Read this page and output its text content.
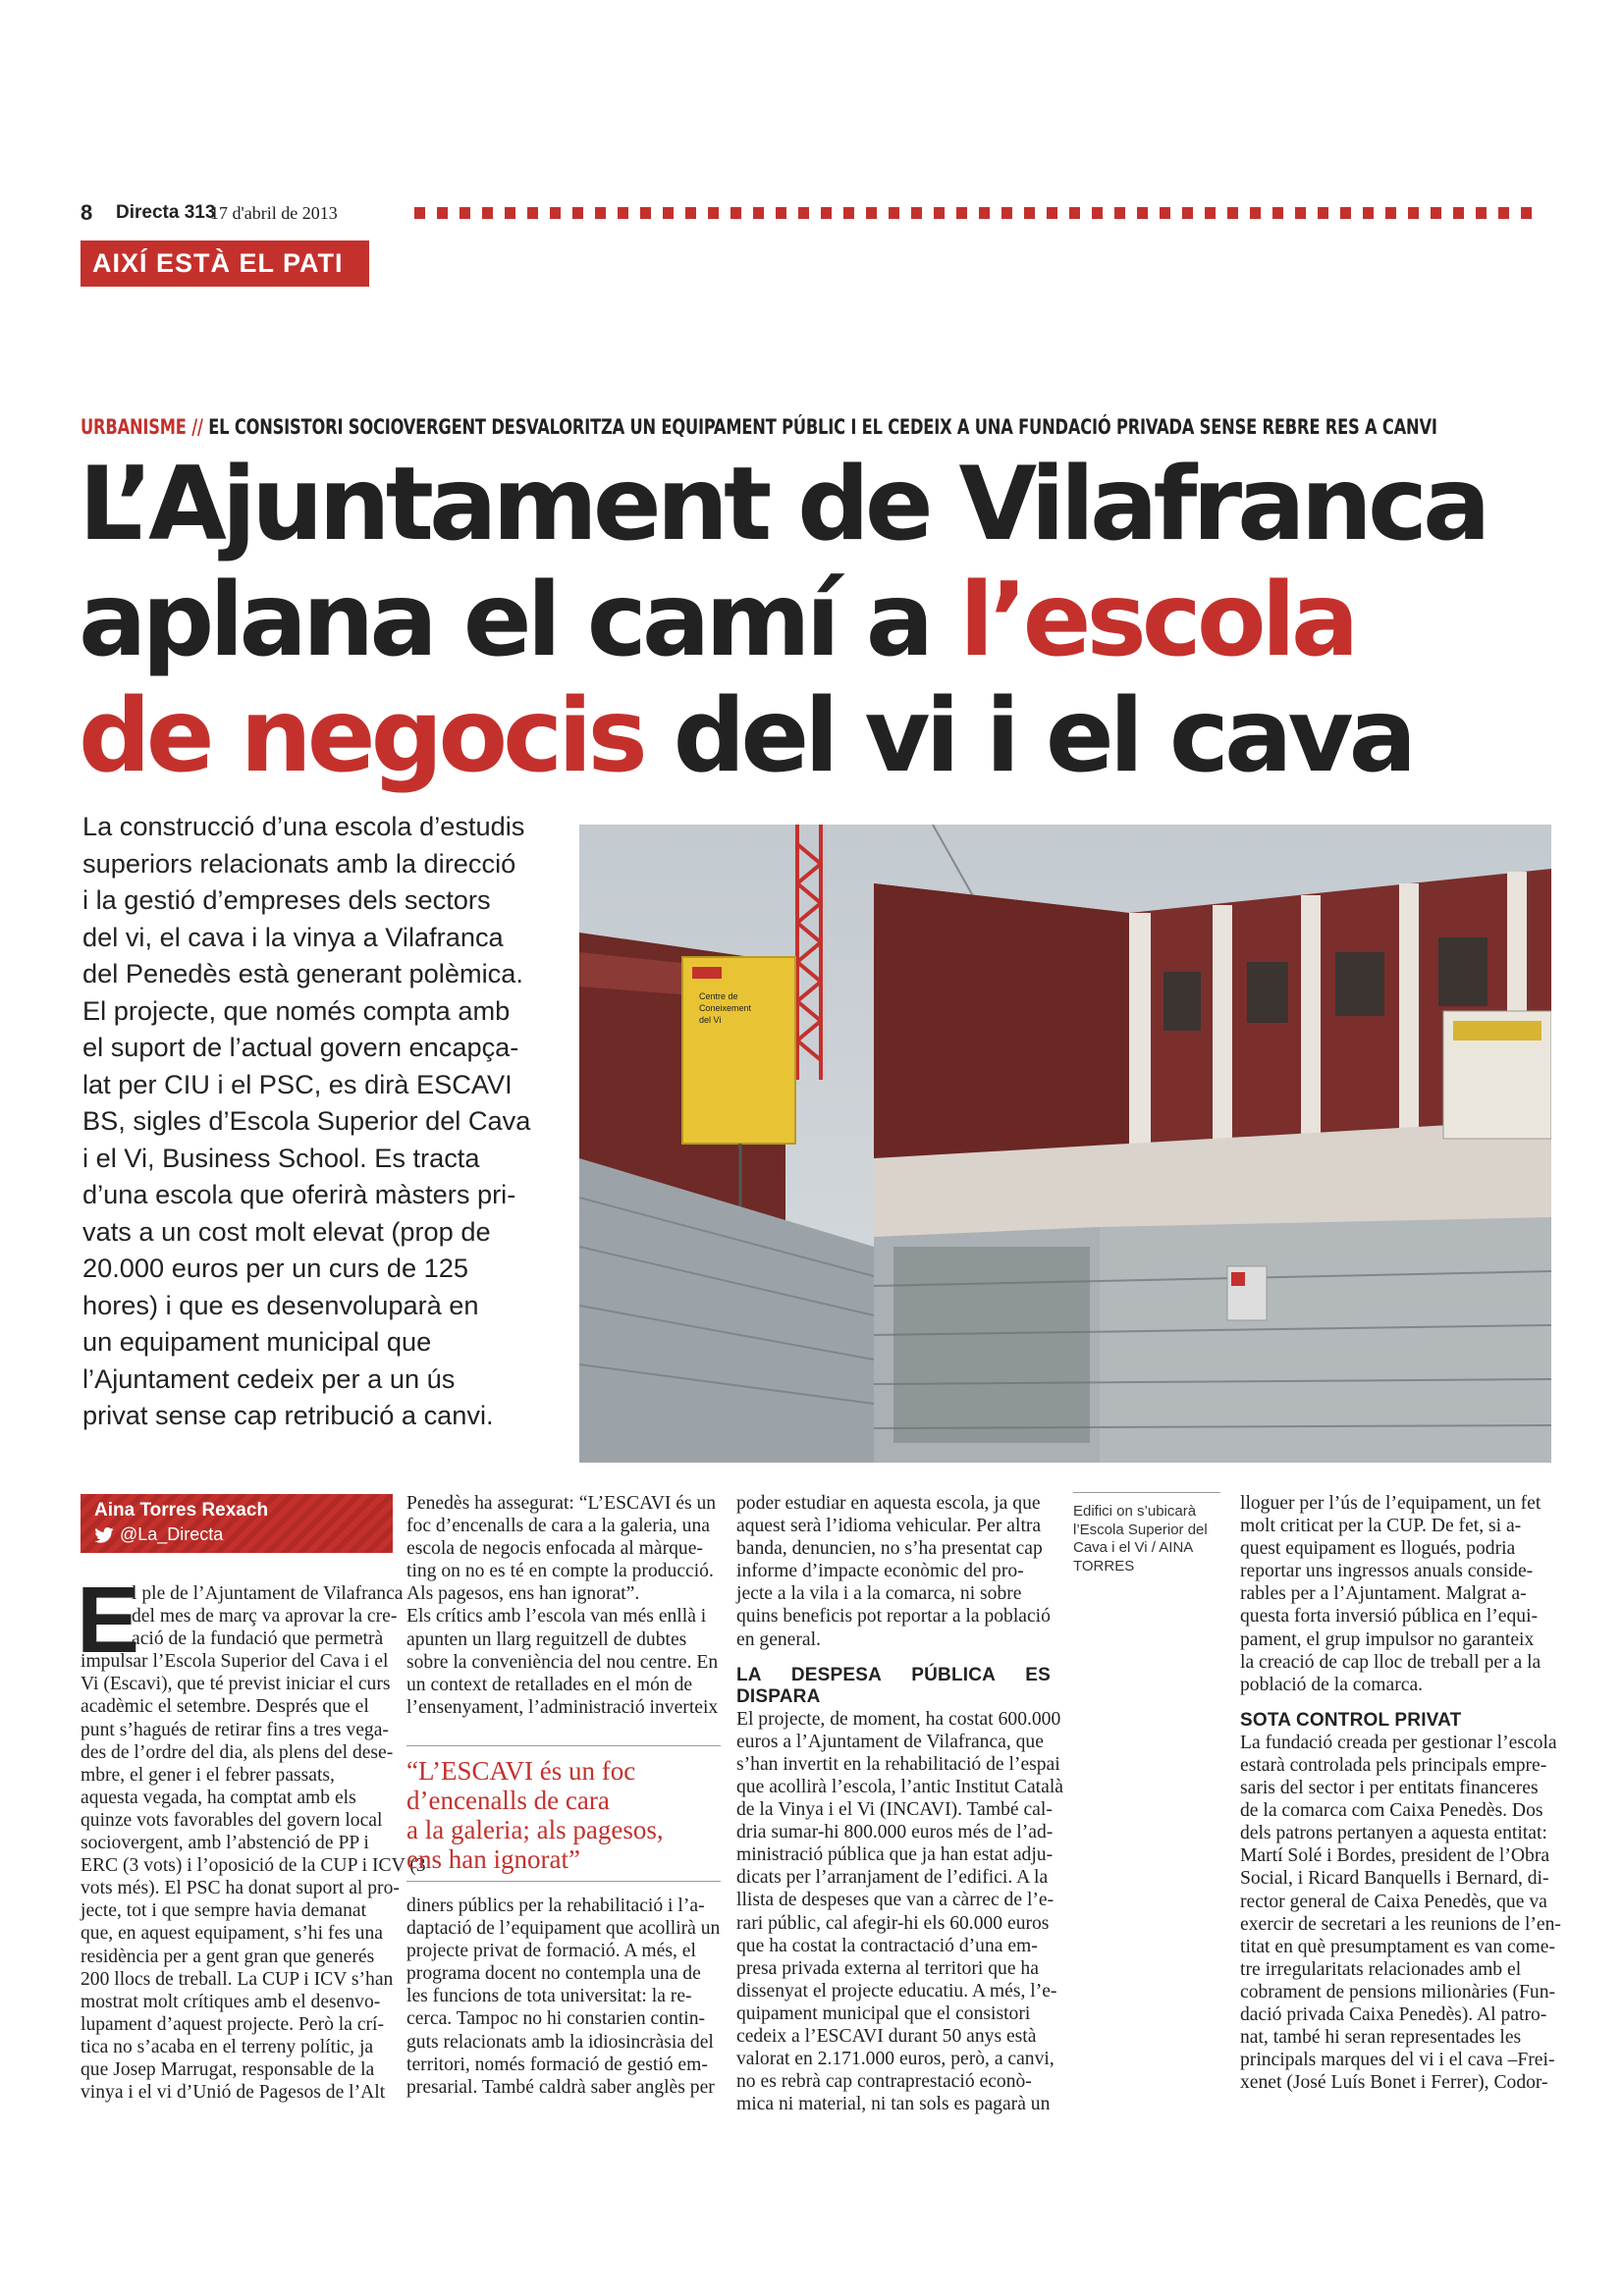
8 Directa 313
17 d'abril de 2013
AIXÍ ESTÀ EL PATI
URBANISME // EL CONSISTORI SOCIOVERGENT DESVALORITZA UN EQUIPAMENT PÚBLIC I EL CEDEIX A UNA FUNDACIÓ PRIVADA SENSE REBRE RES A CANVI
L’Ajuntament de Vilafranca
aplana el camí a l’escola
de negocis del vi i el cava
La construcció d’una escola d’estudis
superiors relacionats amb la direcció
i la gestió d’empreses dels sectors
del vi, el cava i la vinya a Vilafranca
del Penedès està generant polèmica.
El projecte, que només compta amb
el suport de l’actual govern encapça-
lat per CIU i el PSC, es dirà ESCAVI
BS, sigles d’Escola Superior del Cava
i el Vi, Business School. Es tracta
d’una escola que oferirà màsters pri-
vats a un cost molt elevat (prop de
20.000 euros per un curs de 125
hores) i que es desenvoluparà en
un equipament municipal que
l’Ajuntament cedeix per a un ús
privat sense cap retribució a canvi.
Centre de
Coneixement
del Vi
Aina Torres Rexach
@La_Directa
E
l ple de l’Ajuntament de Vilafranca
del mes de març va aprovar la cre-
ació de la fundació que permetrà
impulsar l’Escola Superior del Cava i el
Vi (Escavi), que té previst iniciar el curs
acadèmic el setembre. Després que el
punt s’hagués de retirar fins a tres vega-
des de l’ordre del dia, als plens del dese-
mbre, el gener i el febrer passats,
aquesta vegada, ha comptat amb els
quinze vots favorables del govern local
sociovergent, amb l’abstenció de PP i
ERC (3 vots) i l’oposició de la CUP i ICV (3
vots més). El PSC ha donat suport al pro-
jecte, tot i que sempre havia demanat
que, en aquest equipament, s’hi fes una
residència per a gent gran que generés
200 llocs de treball. La CUP i ICV s’han
mostrat molt crítiques amb el desenvo-
lupament d’aquest projecte. Però la crí-
tica no s’acaba en el terreny polític, ja
que Josep Marrugat, responsable de la
vinya i el vi d’Unió de Pagesos de l’Alt
Penedès ha assegurat: “L’ESCAVI és un
foc d’encenalls de cara a la galeria, una
escola de negocis enfocada al màrque-
ting on no es té en compte la producció.
Als pagesos, ens han ignorat”.
Els crítics amb l’escola van més enllà i
apunten un llarg reguitzell de dubtes
sobre la conveniència del nou centre. En
un context de retallades en el món de
l’ensenyament, l’administració inverteix
“L’ESCAVI és un foc
d’encenalls de cara
a la galeria; als pagesos,
ens han ignorat”
diners públics per la rehabilitació i l’a-
daptació de l’equipament que acollirà un
projecte privat de formació. A més, el
programa docent no contempla una de
les funcions de tota universitat: la re-
cerca. Tampoc no hi constarien contin-
guts relacionats amb la idiosincràsia del
territori, només formació de gestió em-
presarial. També caldrà saber anglès per
poder estudiar en aquesta escola, ja que
aquest serà l’idioma vehicular. Per altra
banda, denuncien, no s’ha presentat cap
informe d’impacte econòmic del pro-
jecte a la vila i a la comarca, ni sobre
quins beneficis pot reportar a la població
en general.
LA DESPESA PÚBLICA ES DISPARA
El projecte, de moment, ha costat 600.000
euros a l’Ajuntament de Vilafranca, que
s’han invertit en la rehabilitació de l’espai
que acollirà l’escola, l’antic Institut Català
de la Vinya i el Vi (INCAVI). També cal-
dria sumar-hi 800.000 euros més de l’ad-
ministració pública que ja han estat adju-
dicats per l’arranjament de l’edifici. A la
llista de despeses que van a càrrec de l’e-
rari públic, cal afegir-hi els 60.000 euros
que ha costat la contractació d’una em-
presa privada externa al territori que ha
dissenyat el projecte educatiu. A més, l’e-
quipament municipal que el consistori
cedeix a l’ESCAVI durant 50 anys està
valorat en 2.171.000 euros, però, a canvi,
no es rebrà cap contraprestació econò-
mica ni material, ni tan sols es pagarà un
Edifici on s’ubicarà
l’Escola Superior del
Cava i el Vi / AINA
TORRES
lloguer per l’ús de l’equipament, un fet
molt criticat per la CUP. De fet, si a-
quest equipament es llogués, podria
reportar uns ingressos anuals conside-
rables per a l’Ajuntament. Malgrat a-
questa forta inversió pública en l’equi-
pament, el grup impulsor no garanteix
la creació de cap lloc de treball per a la
població de la comarca.
SOTA CONTROL PRIVAT
La fundació creada per gestionar l’escola
estarà controlada pels principals empre-
saris del sector i per entitats financeres
de la comarca com Caixa Penedès. Dos
dels patrons pertanyen a aquesta entitat:
Martí Solé i Bordes, president de l’Obra
Social, i Ricard Banquells i Bernard, di-
rector general de Caixa Penedès, que va
exercir de secretari a les reunions de l’en-
titat en què presumptament es van come-
tre irregularitats relacionades amb el
cobrament de pensions milionàries (Fun-
dació privada Caixa Penedès). Al patro-
nat, també hi seran representades les
principals marques del vi i el cava –Frei-
xenet (José Luís Bonet i Ferrer), Codor-
